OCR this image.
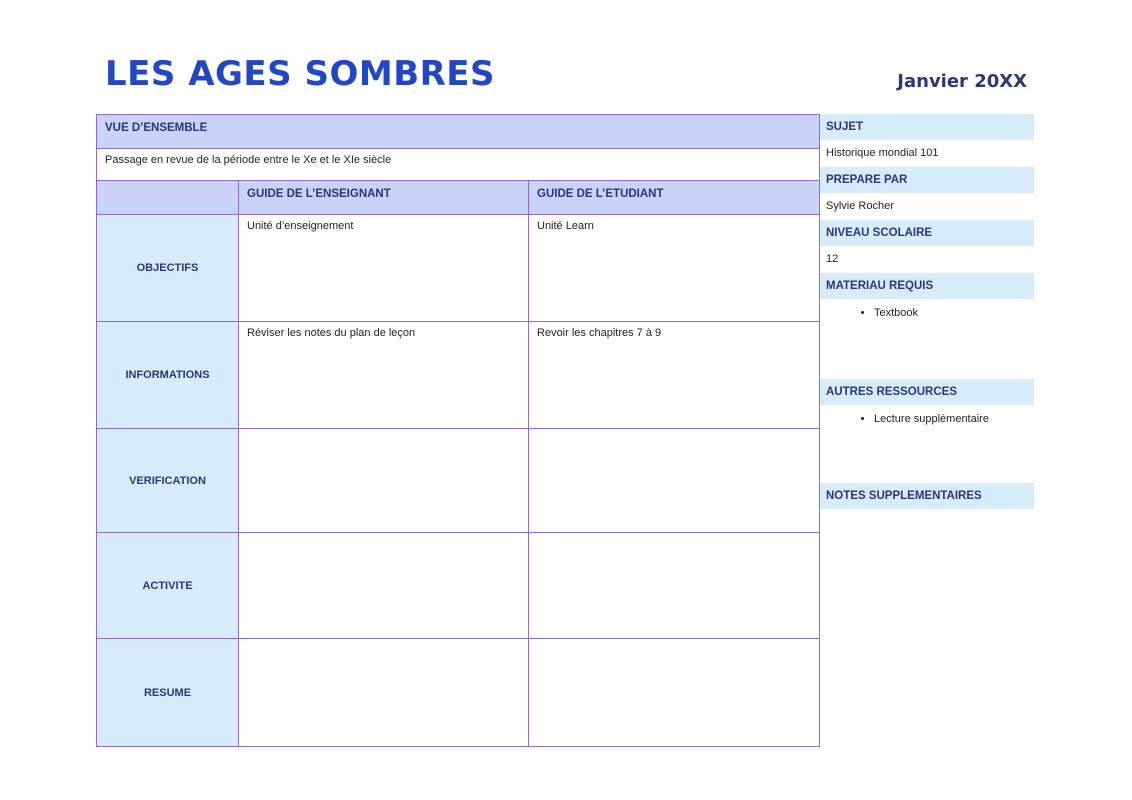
LES AGES SOMBRES	Janvier 20XX
VUE D’ENSEMBLE		
Passage en revue de la période entre le Xe et le XIe siècle		
	GUIDE DE L’ENSEIGNANT	GUIDE DE L’ETUDIANT
OBJECTIFS	Unité d’enseignement	Unité Learn
INFORMATIONS	Réviser les notes du plan de leçon	Revoir les chapitres 7 à 9
VERIFICATION		
ACTIVITE		
RESUME		
SUJET
Historique mondial 101
PREPARE PAR
Sylvie Rocher
NIVEAU SCOLAIRE
12
MATERIAU REQUIS
• Textbook
AUTRES RESSOURCES
• Lecture supplémentaire
NOTES SUPPLEMENTAIRES
